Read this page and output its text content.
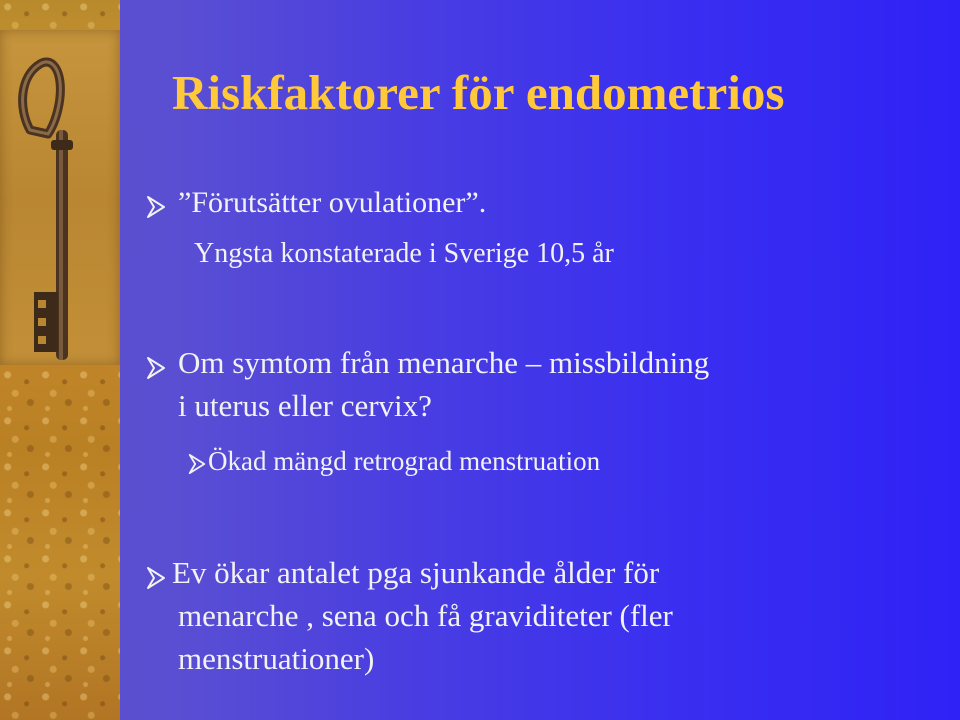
Riskfaktorer för endometrios
”Förutsätter ovulationer”.
Yngsta konstaterade i Sverige 10,5 år
Om symtom från menarche – missbildning
i uterus eller cervix?
Ökad mängd retrograd menstruation
Ev ökar antalet pga sjunkande ålder för
menarche , sena och få graviditeter (fler
menstruationer)
